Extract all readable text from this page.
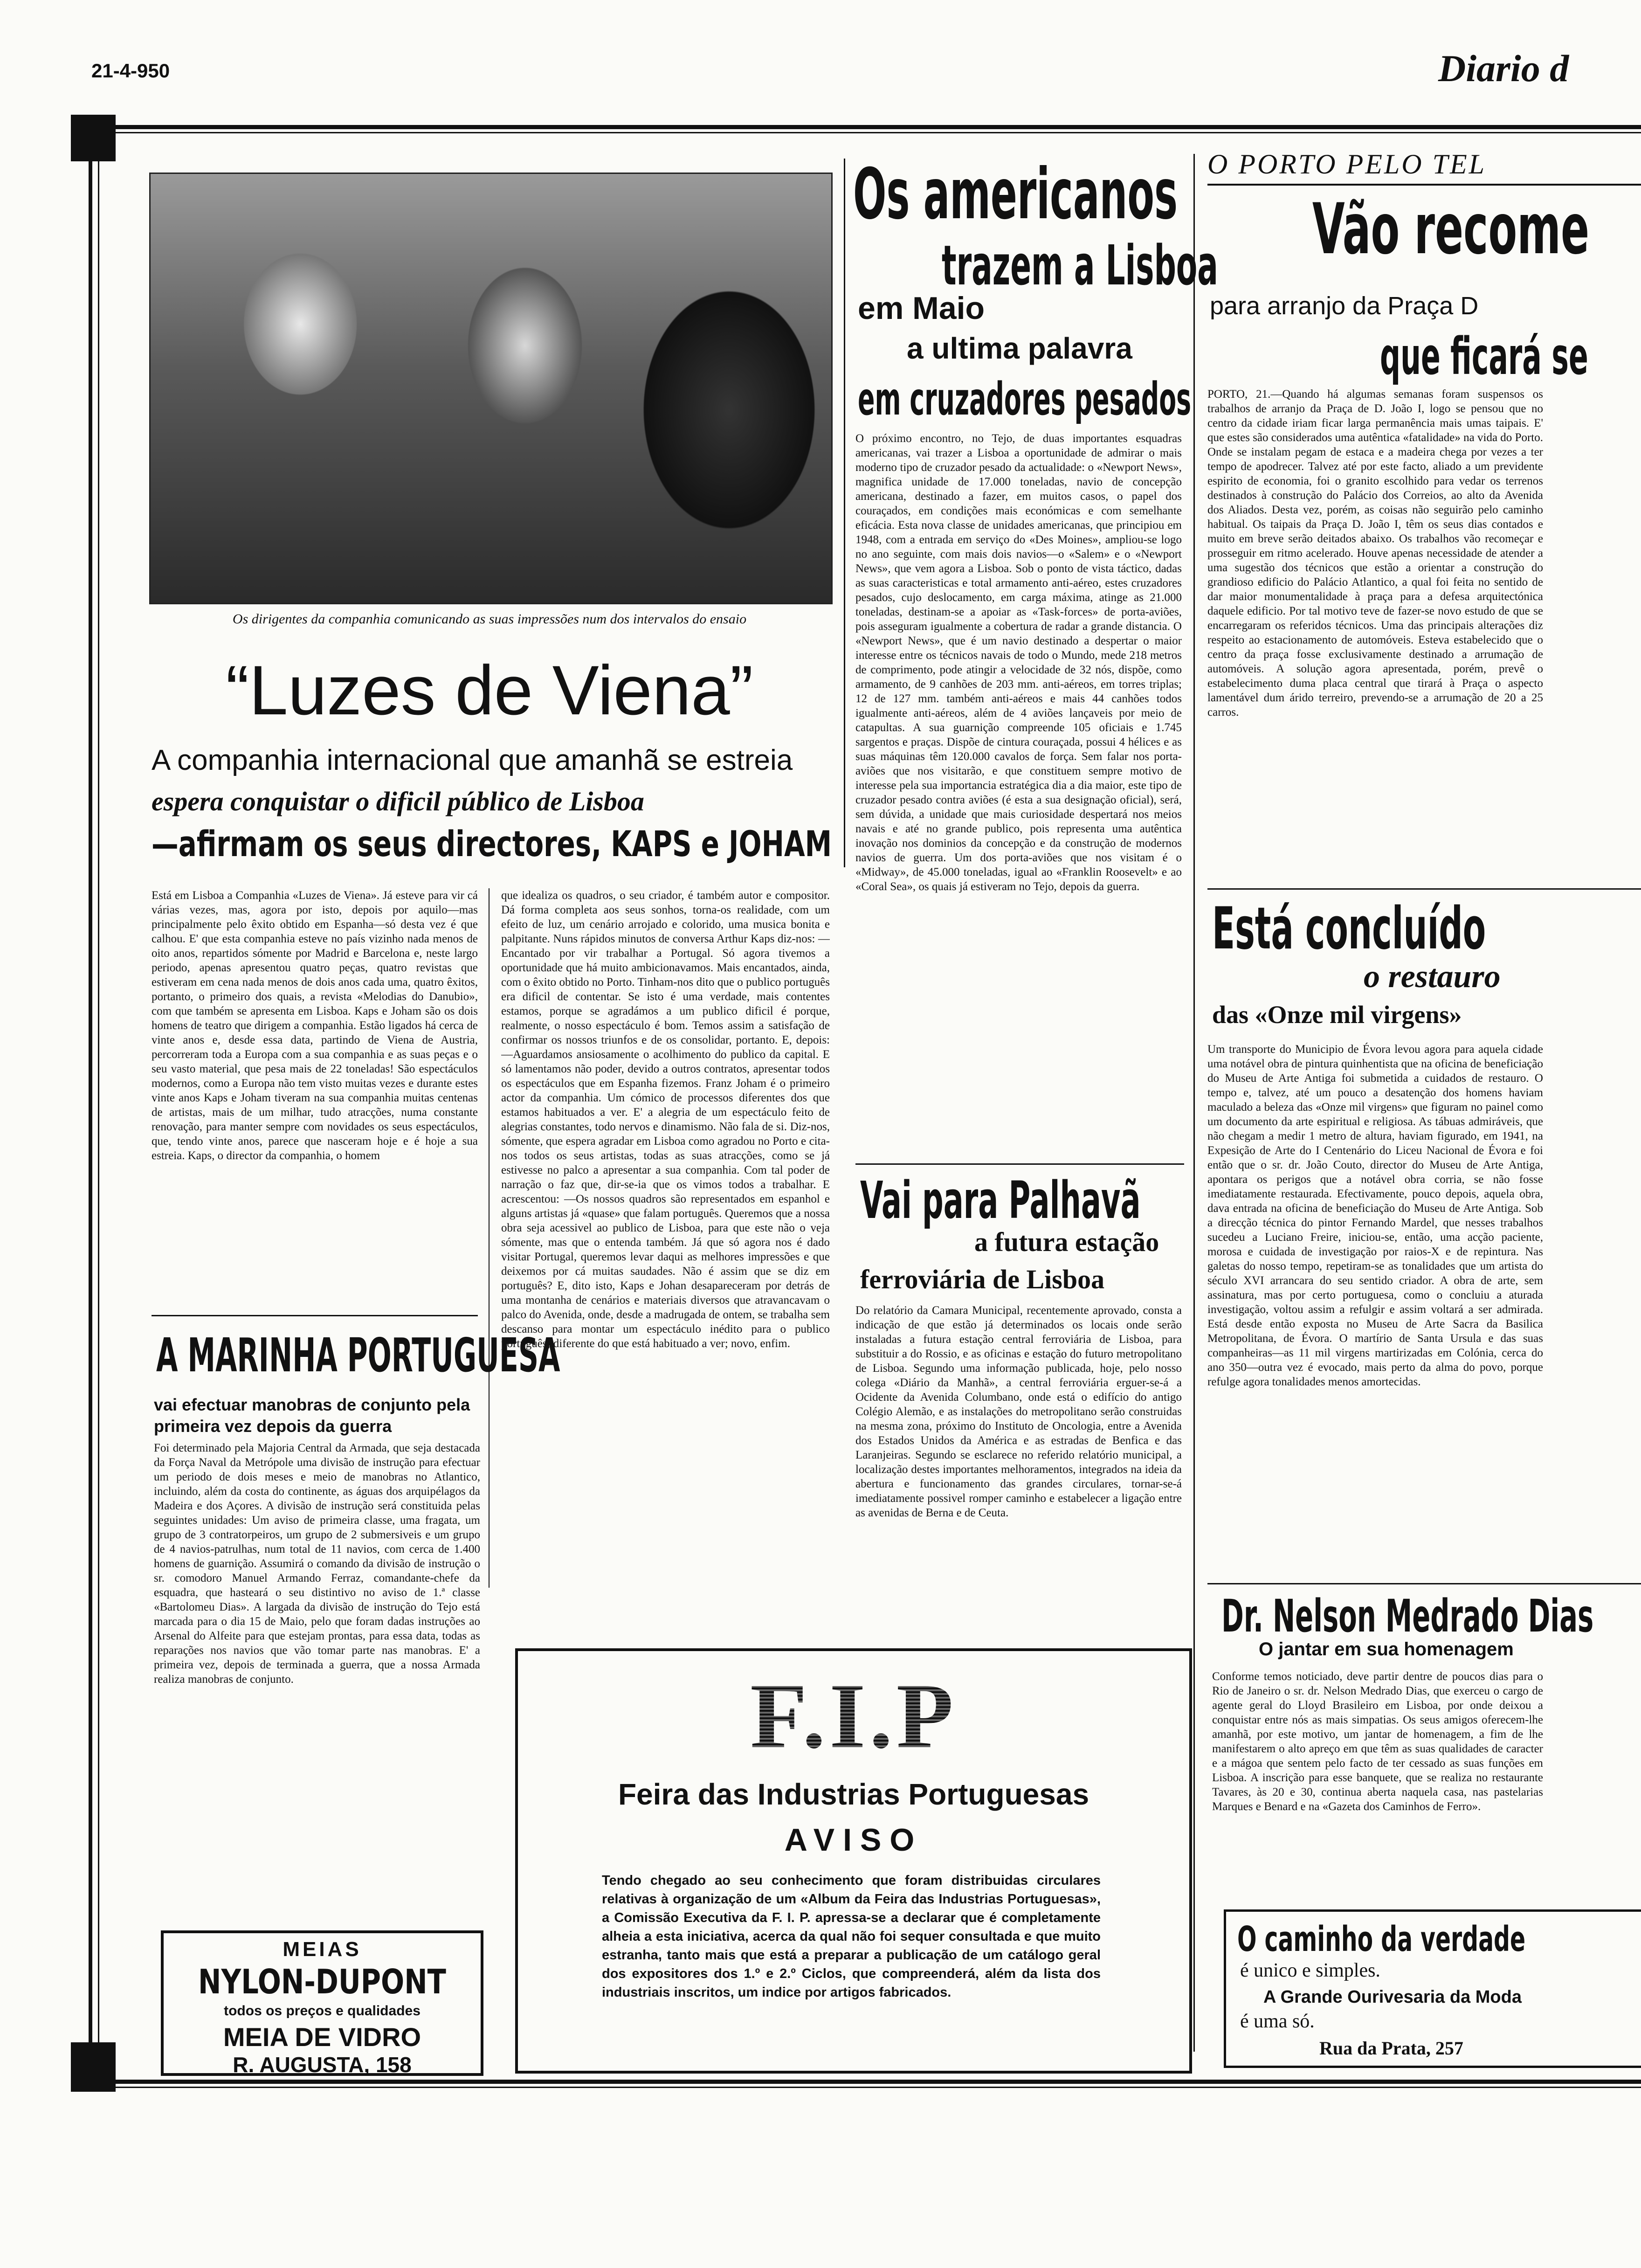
21-4-950	Diario d
Os dirigentes da companhia comunicando as suas impressões num dos intervalos do ensaio
“Luzes de Viena”
A companhia internacional que amanhã se estreia
espera conquistar o dificil público de Lisboa
—afirmam os seus directores, KAPS e JOHAM
Está em Lisboa a Companhia «Luzes de Viena». Já esteve para vir cá várias vezes, mas, agora por isto, depois por aquilo—mas principalmente pelo êxito obtido em Espanha—só desta vez é que calhou. E' que esta companhia esteve no país vizinho nada menos de oito anos, repartidos sómente por Madrid e Barcelona e, neste largo periodo, apenas apresentou quatro peças, quatro revistas que estiveram em cena nada menos de dois anos cada uma, quatro êxitos, portanto, o primeiro dos quais, a revista «Melodias do Danubio», com que também se apresenta em Lisboa. Kaps e Joham são os dois homens de teatro que dirigem a companhia. Estão ligados há cerca de vinte anos e, desde essa data, partindo de Viena de Austria, percorreram toda a Europa com a sua companhia e as suas peças e o seu vasto material, que pesa mais de 22 toneladas! São espectáculos modernos, como a Europa não tem visto muitas vezes e durante estes vinte anos Kaps e Joham tiveram na sua companhia muitas centenas de artistas, mais de um milhar, tudo atracções, numa constante renovação, para manter sempre com novidades os seus espectáculos, que, tendo vinte anos, parece que nasceram hoje e é hoje a sua estreia. Kaps, o director da companhia, o homem
que idealiza os quadros, o seu criador, é também autor e compositor. Dá forma completa aos seus sonhos, torna-os realidade, com um efeito de luz, um cenário arrojado e colorido, uma musica bonita e palpitante. Nuns rápidos minutos de conversa Arthur Kaps diz-nos: —Encantado por vir trabalhar a Portugal. Só agora tivemos a oportunidade que há muito ambicionavamos. Mais encantados, ainda, com o êxito obtido no Porto. Tinham-nos dito que o publico português era dificil de contentar. Se isto é uma verdade, mais contentes estamos, porque se agradámos a um publico dificil é porque, realmente, o nosso espectáculo é bom. Temos assim a satisfação de confirmar os nossos triunfos e de os consolidar, portanto. E, depois: —Aguardamos ansiosamente o acolhimento do publico da capital. E só lamentamos não poder, devido a outros contratos, apresentar todos os espectáculos que em Espanha fizemos. Franz Joham é o primeiro actor da companhia. Um cómico de processos diferentes dos que estamos habituados a ver. E' a alegria de um espectáculo feito de alegrias constantes, todo nervos e dinamismo. Não fala de si. Diz-nos, sómente, que espera agradar em Lisboa como agradou no Porto e cita-nos todos os seus artistas, todas as suas atracções, como se já estivesse no palco a apresentar a sua companhia. Com tal poder de narração o faz que, dir-se-ia que os vimos todos a trabalhar. E acrescentou: —Os nossos quadros são representados em espanhol e alguns artistas já «quase» que falam português. Queremos que a nossa obra seja acessivel ao publico de Lisboa, para que este não o veja sómente, mas que o entenda também. Já que só agora nos é dado visitar Portugal, queremos levar daqui as melhores impressões e que deixemos por cá muitas saudades. Não é assim que se diz em português? E, dito isto, Kaps e Johan desapareceram por detrás de uma montanha de cenários e materiais diversos que atravancavam o palco do Avenida, onde, desde a madrugada de ontem, se trabalha sem descanso para montar um espectáculo inédito para o publico português; diferente do que está habituado a ver; novo, enfim.
A MARINHA PORTUGUESA
vai efectuar manobras de conjunto pela primeira vez depois da guerra
Foi determinado pela Majoria Central da Armada, que seja destacada da Força Naval da Metrópole uma divisão de instrução para efectuar um periodo de dois meses e meio de manobras no Atlantico, incluindo, além da costa do continente, as águas dos arquipélagos da Madeira e dos Açores. A divisão de instrução será constituida pelas seguintes unidades: Um aviso de primeira classe, uma fragata, um grupo de 3 contratorpeiros, um grupo de 2 submersiveis e um grupo de 4 navios-patrulhas, num total de 11 navios, com cerca de 1.400 homens de guarnição. Assumirá o comando da divisão de instrução o sr. comodoro Manuel Armando Ferraz, comandante-chefe da esquadra, que hasteará o seu distintivo no aviso de 1.ª classe «Bartolomeu Dias». A largada da divisão de instrução do Tejo está marcada para o dia 15 de Maio, pelo que foram dadas instruções ao Arsenal do Alfeite para que estejam prontas, para essa data, todas as reparações nos navios que vão tomar parte nas manobras. E' a primeira vez, depois de terminada a guerra, que a nossa Armada realiza manobras de conjunto.
MEIAS
NYLON-DUPONT
todos os preços e qualidades
MEIA DE VIDRO
R. AUGUSTA, 158
Os americanos
trazem a Lisboa
em Maio
a ultima palavra
em cruzadores pesados
O próximo encontro, no Tejo, de duas importantes esquadras americanas, vai trazer a Lisboa a oportunidade de admirar o mais moderno tipo de cruzador pesado da actualidade: o «Newport News», magnifica unidade de 17.000 toneladas, navio de concepção americana, destinado a fazer, em muitos casos, o papel dos couraçados, em condições mais económicas e com semelhante eficácia. Esta nova classe de unidades americanas, que principiou em 1948, com a entrada em serviço do «Des Moines», ampliou-se logo no ano seguinte, com mais dois navios—o «Salem» e o «Newport News», que vem agora a Lisboa. Sob o ponto de vista táctico, dadas as suas caracteristicas e total armamento anti-aéreo, estes cruzadores pesados, cujo deslocamento, em carga máxima, atinge as 21.000 toneladas, destinam-se a apoiar as «Task-forces» de porta-aviões, pois asseguram igualmente a cobertura de radar a grande distancia. O «Newport News», que é um navio destinado a despertar o maior interesse entre os técnicos navais de todo o Mundo, mede 218 metros de comprimento, pode atingir a velocidade de 32 nós, dispõe, como armamento, de 9 canhões de 203 mm. anti-aéreos, em torres triplas; 12 de 127 mm. também anti-aéreos e mais 44 canhões todos igualmente anti-aéreos, além de 4 aviões lançaveis por meio de catapultas. A sua guarnição compreende 105 oficiais e 1.745 sargentos e praças. Dispõe de cintura couraçada, possui 4 hélices e as suas máquinas têm 120.000 cavalos de força. Sem falar nos porta-aviões que nos visitarão, e que constituem sempre motivo de interesse pela sua importancia estratégica dia a dia maior, este tipo de cruzador pesado contra aviões (é esta a sua designação oficial), será, sem dúvida, a unidade que mais curiosidade despertará nos meios navais e até no grande publico, pois representa uma autêntica inovação nos dominios da concepção e da construção de modernos navios de guerra. Um dos porta-aviões que nos visitam é o «Midway», de 45.000 toneladas, igual ao «Franklin Roosevelt» e ao «Coral Sea», os quais já estiveram no Tejo, depois da guerra.
Vai para Palhavã
a futura estação
ferroviária de Lisboa
Do relatório da Camara Municipal, recentemente aprovado, consta a indicação de que estão já determinados os locais onde serão instaladas a futura estação central ferroviária de Lisboa, para substituir a do Rossio, e as oficinas e estação do futuro metropolitano de Lisboa. Segundo uma informação publicada, hoje, pelo nosso colega «Diário da Manhã», a central ferroviária erguer-se-á a Ocidente da Avenida Columbano, onde está o edifício do antigo Colégio Alemão, e as instalações do metropolitano serão construidas na mesma zona, próximo do Instituto de Oncologia, entre a Avenida dos Estados Unidos da América e as estradas de Benfica e das Laranjeiras. Segundo se esclarece no referido relatório municipal, a localização destes importantes melhoramentos, integrados na ideia da abertura e funcionamento das grandes circulares, tornar-se-á imediatamente possivel romper caminho e estabelecer a ligação entre as avenidas de Berna e de Ceuta.
F.I.P
Feira das Industrias Portuguesas
AVISO
Tendo chegado ao seu conhecimento que foram distribuidas circulares relativas à organização de um «Album da Feira das Industrias Portuguesas», a Comissão Executiva da F. I. P. apressa-se a declarar que é completamente alheia a esta iniciativa, acerca da qual não foi sequer consultada e que muito estranha, tanto mais que está a preparar a publicação de um catálogo geral dos expositores dos 1.º e 2.º Ciclos, que compreenderá, além da lista dos industriais inscritos, um indice por artigos fabricados.
O PORTO PELO TEL
Vão recome
para arranjo da Praça D
que ficará se
PORTO, 21.—Quando há algumas semanas foram suspensos os trabalhos de arranjo da Praça de D. João I, logo se pensou que no centro da cidade iriam ficar larga permanência mais umas taipais. E' que estes são considerados uma autêntica «fatalidade» na vida do Porto. Onde se instalam pegam de estaca e a madeira chega por vezes a ter tempo de apodrecer. Talvez até por este facto, aliado a um previdente espirito de economia, foi o granito escolhido para vedar os terrenos destinados à construção do Palácio dos Correios, ao alto da Avenida dos Aliados. Desta vez, porém, as coisas não seguirão pelo caminho habitual. Os taipais da Praça D. João I, têm os seus dias contados e muito em breve serão deitados abaixo. Os trabalhos vão recomeçar e prosseguir em ritmo acelerado. Houve apenas necessidade de atender a uma sugestão dos técnicos que estão a orientar a construção do grandioso edificio do Palácio Atlantico, a qual foi feita no sentido de dar maior monumentalidade à praça para a defesa arquitectónica daquele edificio. Por tal motivo teve de fazer-se novo estudo de que se encarregaram os referidos técnicos. Uma das principais alterações diz respeito ao estacionamento de automóveis. Esteva estabelecido que o centro da praça fosse exclusivamente destinado a arrumação de automóveis. A solução agora apresentada, porém, prevê o estabelecimento duma placa central que tirará à Praça o aspecto lamentável dum árido terreiro, prevendo-se a arrumação de 20 a 25 carros.
Está concluído
o restauro
das «Onze mil virgens»
Um transporte do Municipio de Évora levou agora para aquela cidade uma notável obra de pintura quinhentista que na oficina de beneficiação do Museu de Arte Antiga foi submetida a cuidados de restauro. O tempo e, talvez, até um pouco a desatenção dos homens haviam maculado a beleza das «Onze mil virgens» que figuram no painel como um documento da arte espiritual e religiosa. As tábuas admiráveis, que não chegam a medir 1 metro de altura, haviam figurado, em 1941, na Expesição de Arte do I Centenário do Liceu Nacional de Évora e foi então que o sr. dr. João Couto, director do Museu de Arte Antiga, apontara os perigos que a notável obra corria, se não fosse imediatamente restaurada. Efectivamente, pouco depois, aquela obra, dava entrada na oficina de beneficiação do Museu de Arte Antiga. Sob a direcção técnica do pintor Fernando Mardel, que nesses trabalhos sucedeu a Luciano Freire, iniciou-se, então, uma acção paciente, morosa e cuidada de investigação por raios-X e de repintura. Nas galetas do nosso tempo, repetiram-se as tonalidades que um artista do século XVI arrancara do seu sentido criador. A obra de arte, sem assinatura, mas por certo portuguesa, como o concluiu a aturada investigação, voltou assim a refulgir e assim voltará a ser admirada. Está desde então exposta no Museu de Arte Sacra da Basilica Metropolitana, de Évora. O martírio de Santa Ursula e das suas companheiras—as 11 mil virgens martirizadas em Colónia, cerca do ano 350—outra vez é evocado, mais perto da alma do povo, porque refulge agora tonalidades menos amortecidas.
Dr. Nelson Medrado Dias
O jantar em sua homenagem
Conforme temos noticiado, deve partir dentre de poucos dias para o Rio de Janeiro o sr. dr. Nelson Medrado Dias, que exerceu o cargo de agente geral do Lloyd Brasileiro em Lisboa, por onde deixou a conquistar entre nós as mais simpatias. Os seus amigos oferecem-lhe amanhã, por este motivo, um jantar de homenagem, a fim de lhe manifestarem o alto apreço em que têm as suas qualidades de caracter e a mágoa que sentem pelo facto de ter cessado as suas funções em Lisboa. A inscrição para esse banquete, que se realiza no restaurante Tavares, às 20 e 30, continua aberta naquela casa, nas pastelarias Marques e Benard e na «Gazeta dos Caminhos de Ferro».
O caminho da verdade
é unico e simples.
A Grande Ourivesaria da Moda
é uma só.
Rua da Prata, 257
